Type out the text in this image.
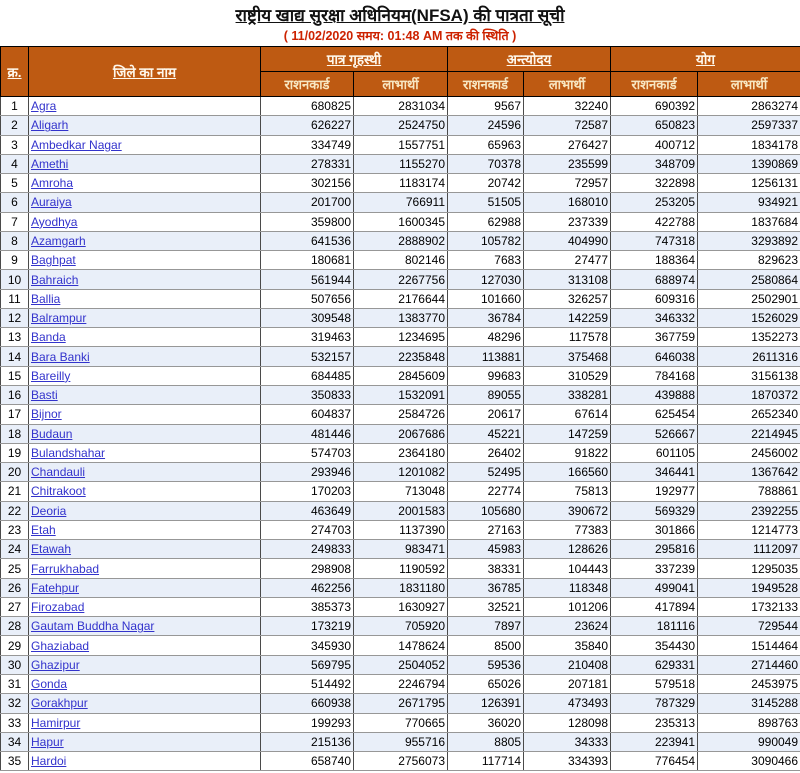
राष्ट्रीय खाद्य सुरक्षा अधिनियम(NFSA) की पात्रता सूची
( 11/02/2020 समय: 01:48 AM तक की स्थिति )
क्र.	जिले का नाम	पात्र गृहस्थी		अन्त्योदय		योग	
		राशनकार्ड	लाभार्थी	राशनकार्ड	लाभार्थी	राशनकार्ड	लाभार्थी
1	Agra	680825	2831034	9567	32240	690392	2863274
2	Aligarh	626227	2524750	24596	72587	650823	2597337
3	Ambedkar Nagar	334749	1557751	65963	276427	400712	1834178
4	Amethi	278331	1155270	70378	235599	348709	1390869
5	Amroha	302156	1183174	20742	72957	322898	1256131
6	Auraiya	201700	766911	51505	168010	253205	934921
7	Ayodhya	359800	1600345	62988	237339	422788	1837684
8	Azamgarh	641536	2888902	105782	404990	747318	3293892
9	Baghpat	180681	802146	7683	27477	188364	829623
10	Bahraich	561944	2267756	127030	313108	688974	2580864
11	Ballia	507656	2176644	101660	326257	609316	2502901
12	Balrampur	309548	1383770	36784	142259	346332	1526029
13	Banda	319463	1234695	48296	117578	367759	1352273
14	Bara Banki	532157	2235848	113881	375468	646038	2611316
15	Bareilly	684485	2845609	99683	310529	784168	3156138
16	Basti	350833	1532091	89055	338281	439888	1870372
17	Bijnor	604837	2584726	20617	67614	625454	2652340
18	Budaun	481446	2067686	45221	147259	526667	2214945
19	Bulandshahar	574703	2364180	26402	91822	601105	2456002
20	Chandauli	293946	1201082	52495	166560	346441	1367642
21	Chitrakoot	170203	713048	22774	75813	192977	788861
22	Deoria	463649	2001583	105680	390672	569329	2392255
23	Etah	274703	1137390	27163	77383	301866	1214773
24	Etawah	249833	983471	45983	128626	295816	1112097
25	Farrukhabad	298908	1190592	38331	104443	337239	1295035
26	Fatehpur	462256	1831180	36785	118348	499041	1949528
27	Firozabad	385373	1630927	32521	101206	417894	1732133
28	Gautam Buddha Nagar	173219	705920	7897	23624	181116	729544
29	Ghaziabad	345930	1478624	8500	35840	354430	1514464
30	Ghazipur	569795	2504052	59536	210408	629331	2714460
31	Gonda	514492	2246794	65026	207181	579518	2453975
32	Gorakhpur	660938	2671795	126391	473493	787329	3145288
33	Hamirpur	199293	770665	36020	128098	235313	898763
34	Hapur	215136	955716	8805	34333	223941	990049
35	Hardoi	658740	2756073	117714	334393	776454	3090466
